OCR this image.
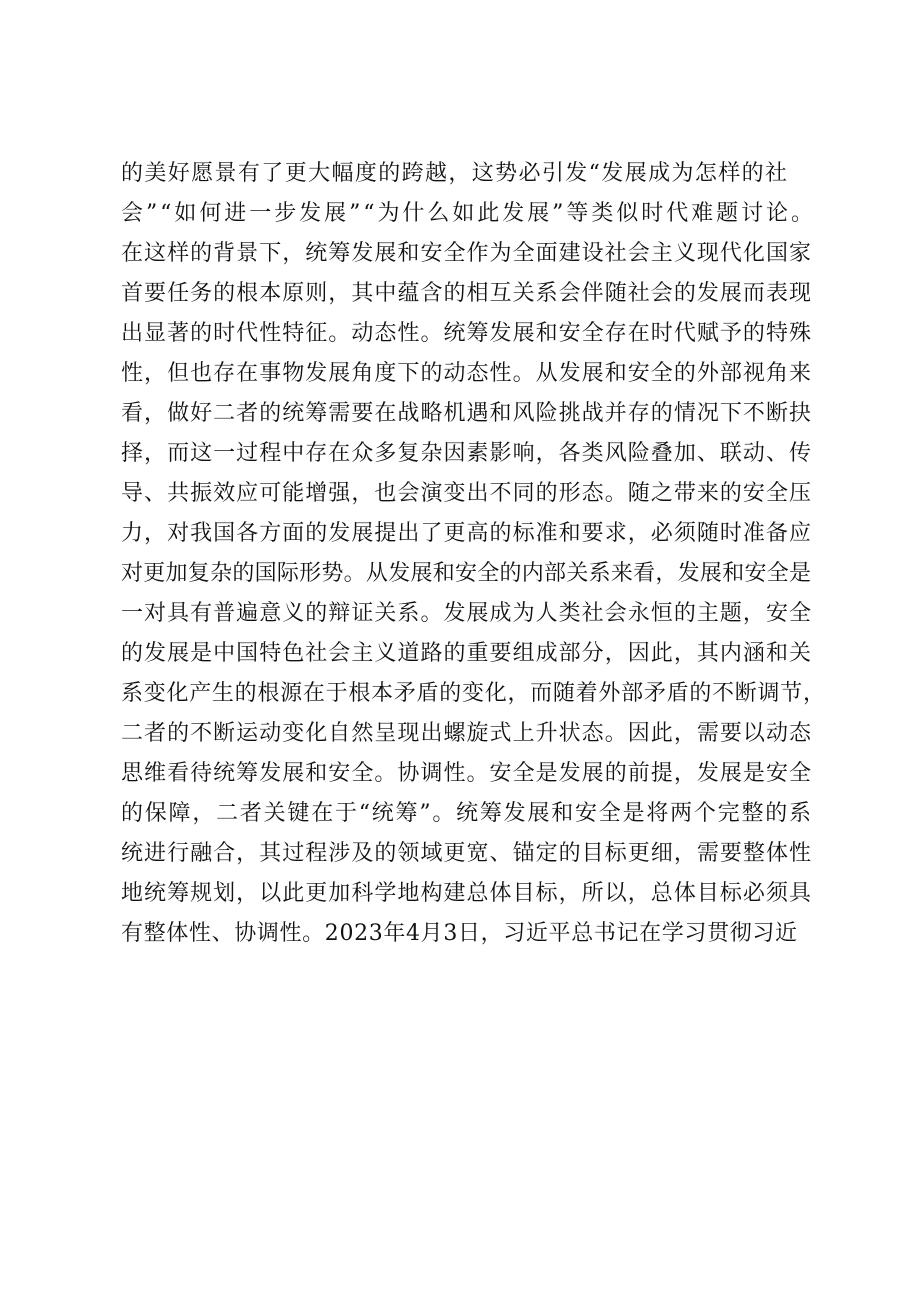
的美好愿景有了更大幅度的跨越，这势必引发“发展成为怎样的社
会”“如何进一步发展”“为什么如此发展”等类似时代难题讨论。
在这样的背景下，统筹发展和安全作为全面建设社会主义现代化国家
首要任务的根本原则，其中蕴含的相互关系会伴随社会的发展而表现
出显著的时代性特征。动态性。统筹发展和安全存在时代赋予的特殊
性，但也存在事物发展角度下的动态性。从发展和安全的外部视角来
看，做好二者的统筹需要在战略机遇和风险挑战并存的情况下不断抉
择，而这一过程中存在众多复杂因素影响，各类风险叠加、联动、传
导、共振效应可能增强，也会演变出不同的形态。随之带来的安全压
力，对我国各方面的发展提出了更高的标准和要求，必须随时准备应
对更加复杂的国际形势。从发展和安全的内部关系来看，发展和安全是
一对具有普遍意义的辩证关系。发展成为人类社会永恒的主题，安全
的发展是中国特色社会主义道路的重要组成部分，因此，其内涵和关
系变化产生的根源在于根本矛盾的变化，而随着外部矛盾的不断调节，
二者的不断运动变化自然呈现出螺旋式上升状态。因此，需要以动态
思维看待统筹发展和安全。协调性。安全是发展的前提，发展是安全
的保障，二者关键在于“统筹”。统筹发展和安全是将两个完整的系
统进行融合，其过程涉及的领域更宽、锚定的目标更细，需要整体性
地统筹规划，以此更加科学地构建总体目标，所以，总体目标必须具
有整体性、协调性。2023年4月3日，习近平总书记在学习贯彻习近
